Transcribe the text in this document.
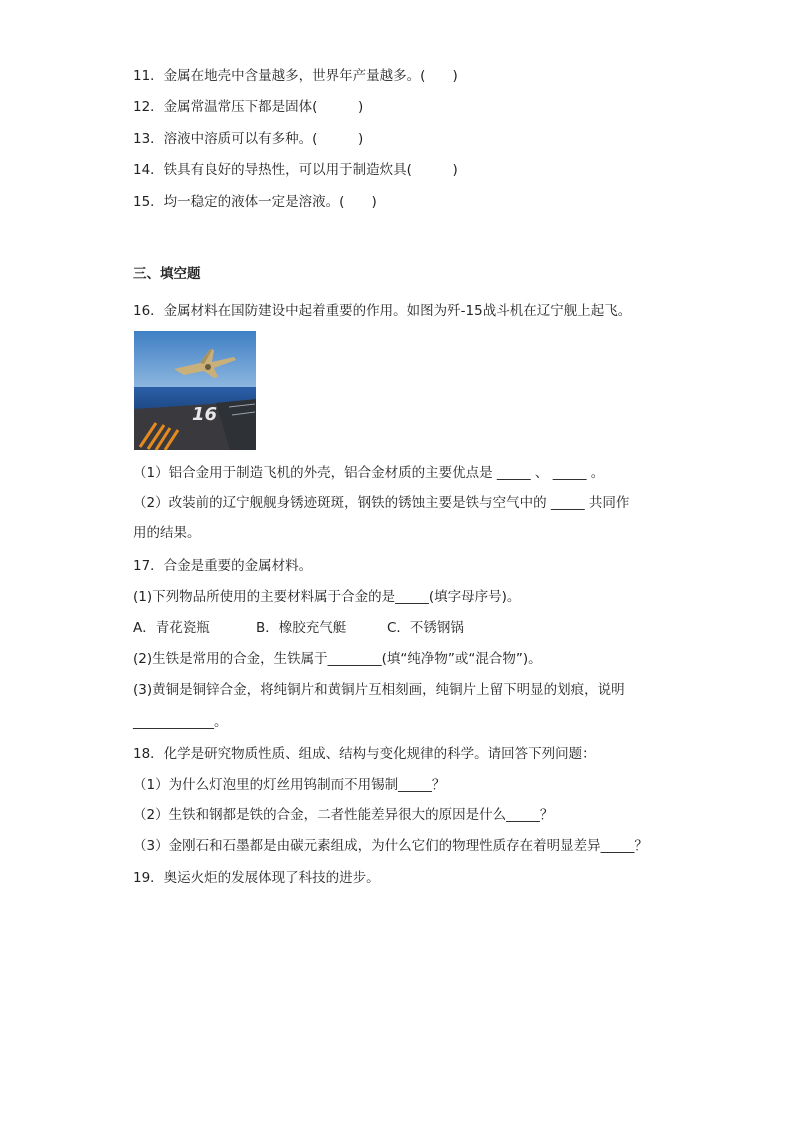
11．金属在地壳中含量越多，世界年产量越多。(　　)
12．金属常温常压下都是固体(　　　)
13．溶液中溶质可以有多种。(　　　)
14．铁具有良好的导热性，可以用于制造炊具(　　　)
15．均一稳定的液体一定是溶液。(　　)
三、填空题
16．金属材料在国防建设中起着重要的作用。如图为歼-15战斗机在辽宁舰上起飞。
16
（1）铝合金用于制造飞机的外壳，铝合金材质的主要优点是 _____ 、 _____ 。
（2）改装前的辽宁舰舰身锈迹斑斑，钢铁的锈蚀主要是铁与空气中的 _____ 共同作
用的结果。
17．合金是重要的金属材料。
(1)下列物品所使用的主要材料属于合金的是_____(填字母序号)。
A．青花瓷瓶	B．橡胶充气艇	C．不锈钢锅
(2)生铁是常用的合金，生铁属于________(填“纯净物”或“混合物”)。
(3)黄铜是铜锌合金，将纯铜片和黄铜片互相刻画，纯铜片上留下明显的划痕，说明
____________。
18．化学是研究物质性质、组成、结构与变化规律的科学。请回答下列问题：
（1）为什么灯泡里的灯丝用钨制而不用锡制_____？
（2）生铁和钢都是铁的合金，二者性能差异很大的原因是什么_____？
（3）金刚石和石墨都是由碳元素组成，为什么它们的物理性质存在着明显差异_____？
19．奥运火炬的发展体现了科技的进步。
